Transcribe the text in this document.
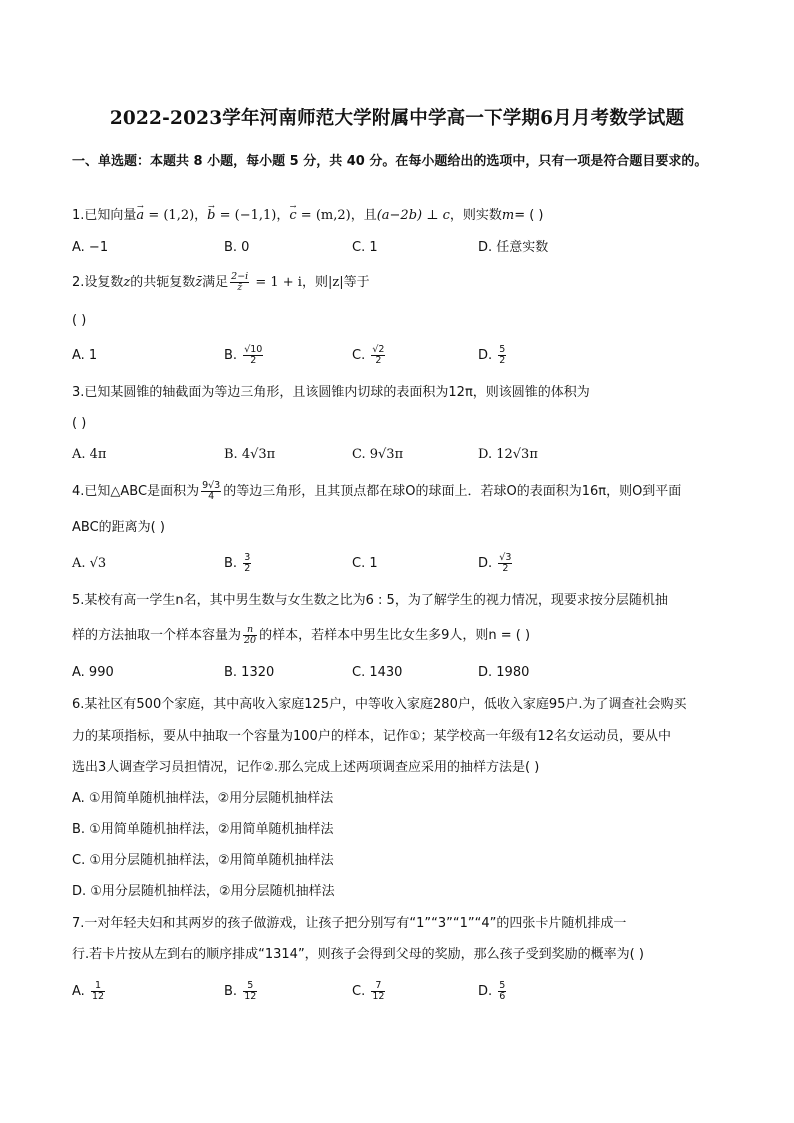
2022-2023学年河南师范大学附属中学高一下学期6月月考数学试题
一、单选题：本题共 8 小题，每小题 5 分，共 40 分。在每小题给出的选项中，只有一项是符合题目要求的。
1.已知向量→ a = (1,2)，→ b = (−1,1)，→ c = (m,2)，且(a−2b) ⊥ c，则实数m= ( )
A. −1	B. 0	C. 1	D. 任意实数
2.设复数z的共轭复数z̄满足 $\frac{2-i}{z̄} = 1 + i$，则|z|等于
( )
A. 1	B. $\frac{√10}{2}$	C. $\frac{√2}{2}$	D. $\frac{5}{2}$
3.已知某圆锥的轴截面为等边三角形，且该圆锥内切球的表面积为12π，则该圆锥的体积为
( )
A. 4π	B. 4√3π	C. 9√3π	D. 12√3π
4.已知△ABC是面积为 $\frac{9√3}{4}$ 的等边三角形，且其顶点都在球O的球面上．若球O的表面积为16π，则O到平面
ABC的距离为( )
A. √3	B. $\frac{3}{2}$	C. 1	D. $\frac{√3}{2}$
5.某校有高一学生n名，其中男生数与女生数之比为6 : 5，为了解学生的视力情况，现要求按分层随机抽
样的方法抽取一个样本容量为 $\frac{n}{20}$ 的样本，若样本中男生比女生多9人，则n = ( )
A. 990	B. 1320	C. 1430	D. 1980
6.某社区有500个家庭，其中高收入家庭125户，中等收入家庭280户，低收入家庭95户.为了调查社会购买
力的某项指标，要从中抽取一个容量为100户的样本，记作①；某学校高一年级有12名女运动员，要从中
选出3人调查学习员担情况，记作②.那么完成上述两项调查应采用的抽样方法是( )
A. ①用简单随机抽样法，②用分层随机抽样法
B. ①用简单随机抽样法，②用简单随机抽样法
C. ①用分层随机抽样法，②用简单随机抽样法
D. ①用分层随机抽样法，②用分层随机抽样法
7.一对年轻夫妇和其两岁的孩子做游戏，让孩子把分别写有“1”“3”“1”“4”的四张卡片随机排成一
行.若卡片按从左到右的顺序排成“1314”，则孩子会得到父母的奖励，那么孩子受到奖励的概率为( )
A. $\frac{1}{12}$	B. $\frac{5}{12}$	C. $\frac{7}{12}$	D. $\frac{5}{6}$
